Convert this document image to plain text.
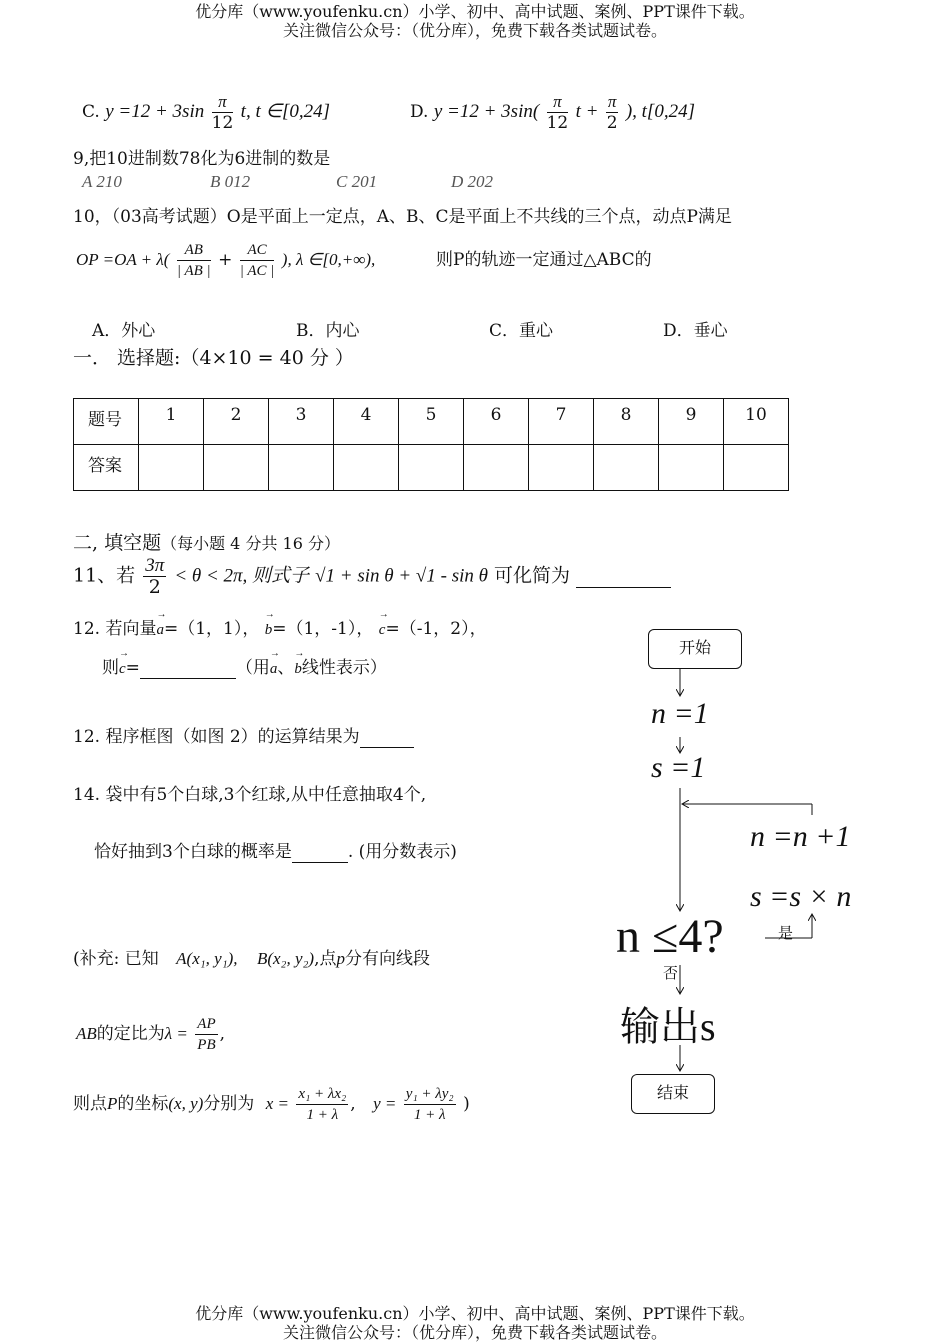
优分库（www.youfenku.cn）小学、初中、高中试题、案例、PPT课件下载。
关注微信公众号：（优分库），免费下载各类试题试卷。
C. $y =12 + 3\sin \frac{\pi}{12} t$, t ∈[0,24]	D. $y =12 + 3\sin( \frac{\pi}{12}$ $t + \frac{\pi}{2}$ ), t[0,24]
9,把10进制数78化为6进制的数是
A 210	B 012	C 201	D 202
10，（03高考试题）O是平面上一定点，A、B、C是平面上不共线的三个点，动点P满足
OP $=OA + \lambda( \frac{AB}{| AB |} + \frac{AC}{| AC |}$ ), λ ∈[0,+∞),	则P的轨迹一定通过△ABC的
A．外心	B．内心	C．重心	D．垂心
一． 选择题:（4×10 = 40 分 ）
题号	1	2	3	4	5	6	7	8	9	10
答案										
二, 填空题（每小题 4 分共 16 分）
11、若 $\frac{3\pi}{2} < \theta < 2\pi$, 则式子 √1 + sin θ + √1 - sin θ 可化简为
12. 若向量→ a=（1，1）， → b=（1，-1）， → c=（-1，2），
则→ c=	（用→ a、→ b线性表示）
12. 程序框图（如图 2）的运算结果为
14. 袋中有5个白球,3个红球,从中任意抽取4个,
恰好抽到3个白球的概率是	. (用分数表示)
(补充: 已知 A(x₁, y₁), B(x₂, y₂),点p分有向线段
AB的定比为$\lambda = \frac{AP}{PB}$ ,
则点P的坐标(x, y)分别为 $x = \frac{\text{x₁ + λx₂}}{1 + \lambda}$ , $y = \frac{\text{y₁ + λy₂}}{1 + \lambda}$ )
开始
n =1
s =1
n =n +1
s =s × n
n ≤4?	是
否
输出s
结束
优分库（www.youfenku.cn）小学、初中、高中试题、案例、PPT课件下载。
关注微信公众号：（优分库），免费下载各类试题试卷。
